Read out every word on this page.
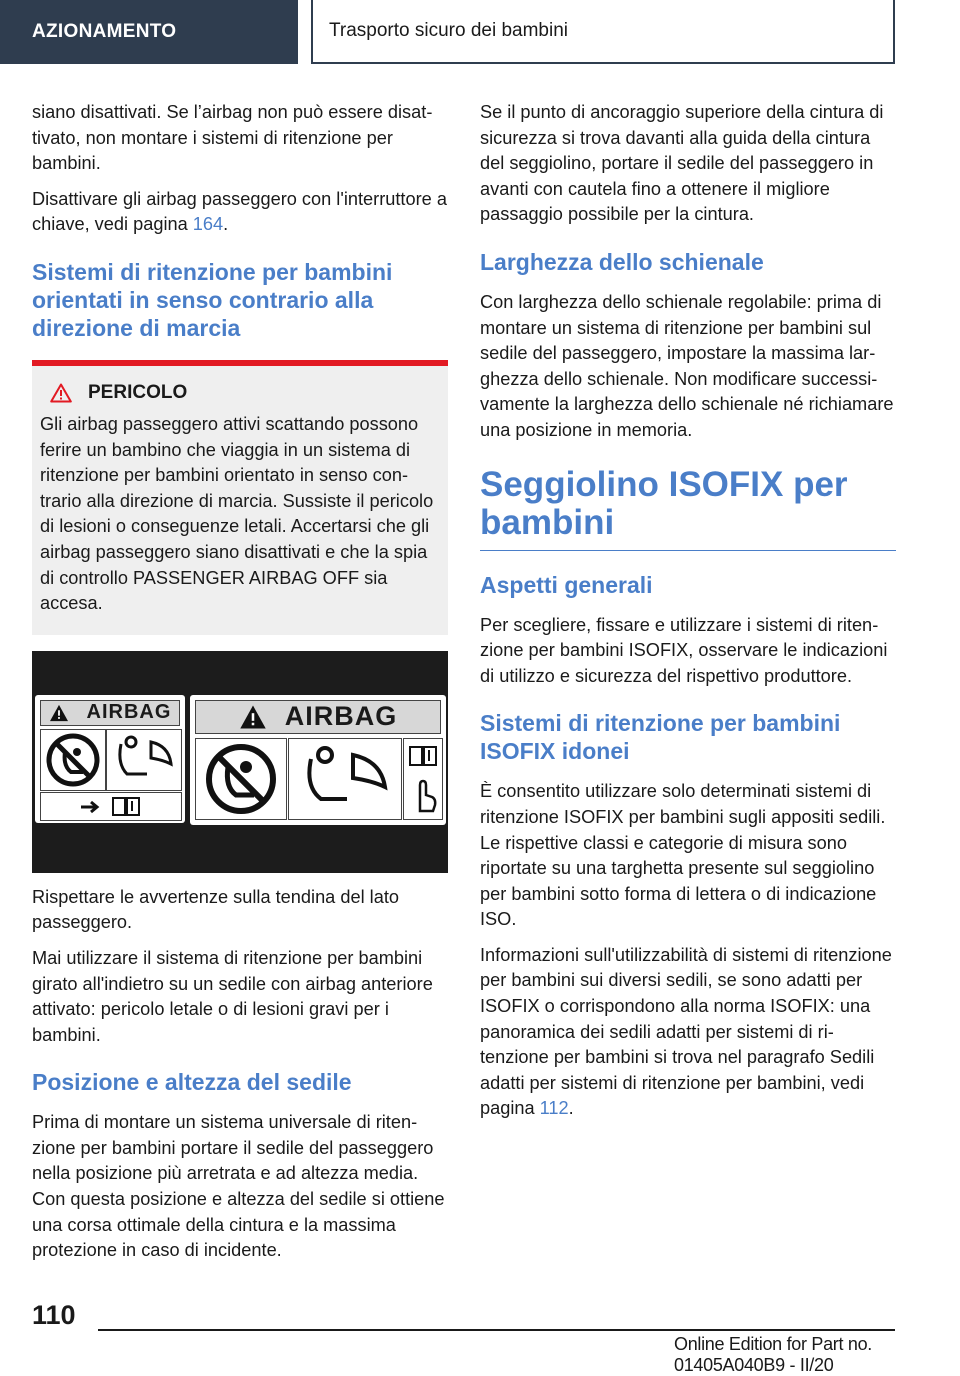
AZIONAMENTO	Trasporto sicuro dei bambini

siano disattivati. Se l’airbag non può essere disattivato, non montare i sistemi di ritenzione per bambini.

Disattivare gli airbag passeggero con l'interruttore a chiave, vedi pagina 164.

Sistemi di ritenzione per bambini orientati in senso contrario alla direzione di marcia
PERICOLO

Gli airbag passeggero attivi scattando possono ferire un bambino che viaggia in un sistema di ritenzione per bambini orientato in senso contrario alla direzione di marcia. Sussiste il pericolo di lesioni o conseguenze letali. Accertarsi che gli airbag passeggero siano disattivati e che la spia di controllo PASSENGER AIRBAG OFF sia accesa.

AIRBAG	AIRBAG

Rispettare le avvertenze sulla tendina del lato passeggero.

Mai utilizzare il sistema di ritenzione per bambini girato all'indietro su un sedile con airbag anteriore attivato: pericolo letale o di lesioni gravi per i bambini.

Posizione e altezza del sedile

Prima di montare un sistema universale di ritenzione per bambini portare il sedile del passeggero nella posizione più arretrata e ad altezza media. Con questa posizione e altezza del sedile si ottiene una corsa ottimale della cintura e la massima protezione in caso di incidente.

Se il punto di ancoraggio superiore della cintura di sicurezza si trova davanti alla guida della cintura del seggiolino, portare il sedile del passeggero in avanti con cautela fino a ottenere il migliore passaggio possibile per la cintura.

Larghezza dello schienale

Con larghezza dello schienale regolabile: prima di montare un sistema di ritenzione per bambini sul sedile del passeggero, impostare la massima larghezza dello schienale. Non modificare successivamente la larghezza dello schienale né richiamare una posizione in memoria.

Seggiolino ISOFIX per bambini
Aspetti generali

Per scegliere, fissare e utilizzare i sistemi di ritenzione per bambini ISOFIX, osservare le indicazioni di utilizzo e sicurezza del rispettivo produttore.

Sistemi di ritenzione per bambini ISOFIX idonei

È consentito utilizzare solo determinati sistemi di ritenzione ISOFIX per bambini sugli appositi sedili. Le rispettive classi e categorie di misura sono riportate su una targhetta presente sul seggiolino per bambini sotto forma di lettera o di indicazione ISO.

Informazioni sull'utilizzabilità di sistemi di ritenzione per bambini sui diversi sedili, se sono adatti per ISOFIX o corrispondono alla norma ISOFIX: una panoramica dei sedili adatti per sistemi di ritenzione per bambini si trova nel paragrafo Sedili adatti per sistemi di ritenzione per bambini, vedi pagina 112.

110
Online Edition for Part no. 01405A040B9 - II/20
